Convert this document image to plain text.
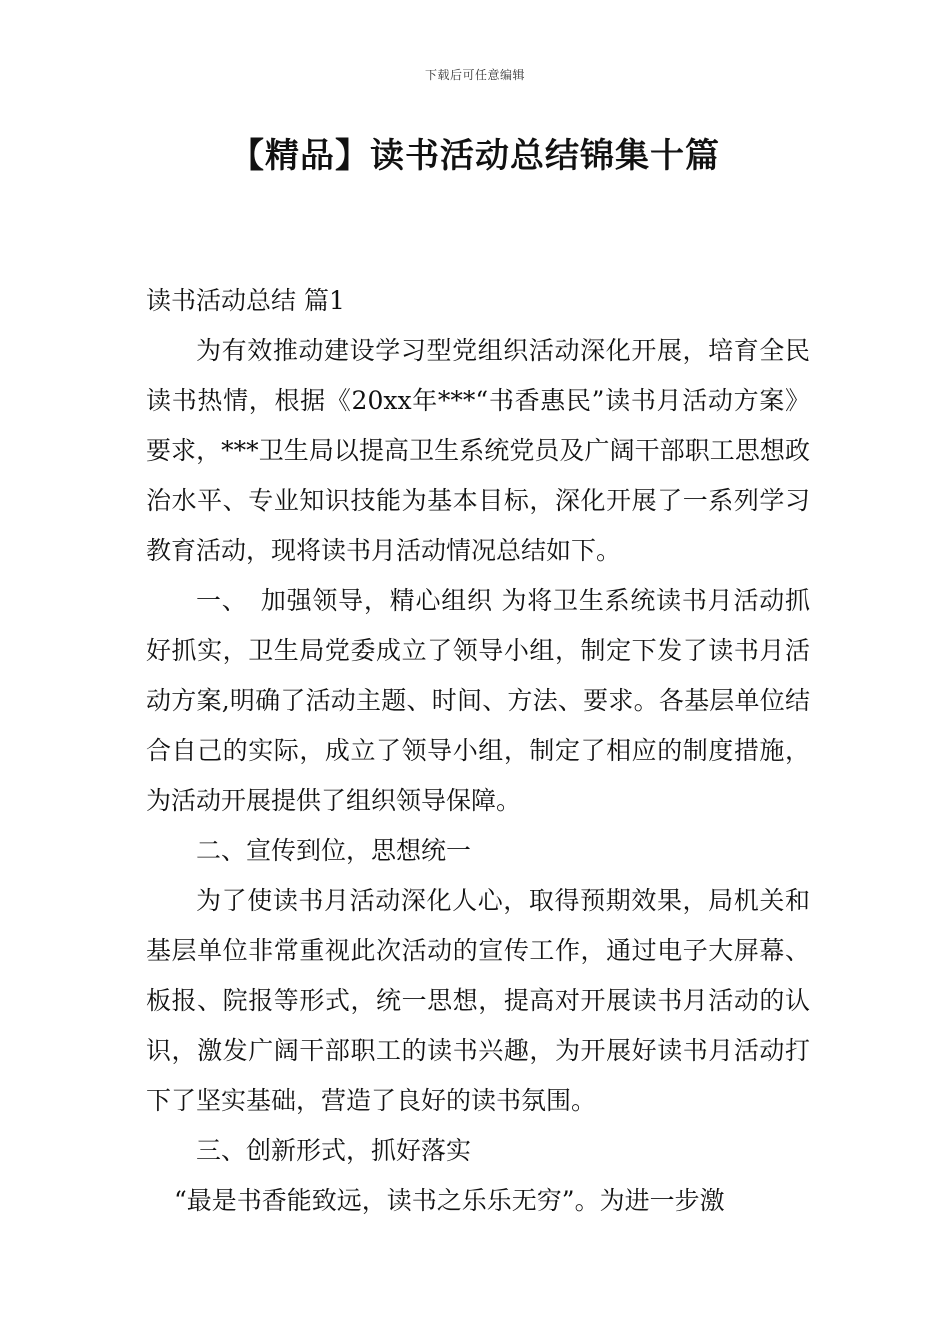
下载后可任意编辑
【精品】读书活动总结锦集十篇

读书活动总结 篇1

为有效推动建设学习型党组织活动深化开展，培育全民读书热情，根据《20xx年***“书香惠民”读书月活动方案》要求，***卫生局以提高卫生系统党员及广阔干部职工思想政治水平、专业知识技能为基本目标，深化开展了一系列学习教育活动，现将读书月活动情况总结如下。

一、　加强领导，精心组织 为将卫生系统读书月活动抓好抓实，卫生局党委成立了领导小组，制定下发了读书月活动方案,明确了活动主题、时间、方法、要求。各基层单位结合自己的实际，成立了领导小组，制定了相应的制度措施，为活动开展提供了组织领导保障。

二、宣传到位，思想统一

为了使读书月活动深化人心，取得预期效果，局机关和基层单位非常重视此次活动的宣传工作，通过电子大屏幕、板报、院报等形式，统一思想，提高对开展读书月活动的认识，激发广阔干部职工的读书兴趣，为开展好读书月活动打下了坚实基础，营造了良好的读书氛围。

三、创新形式，抓好落实

“最是书香能致远，读书之乐乐无穷”。为进一步激
